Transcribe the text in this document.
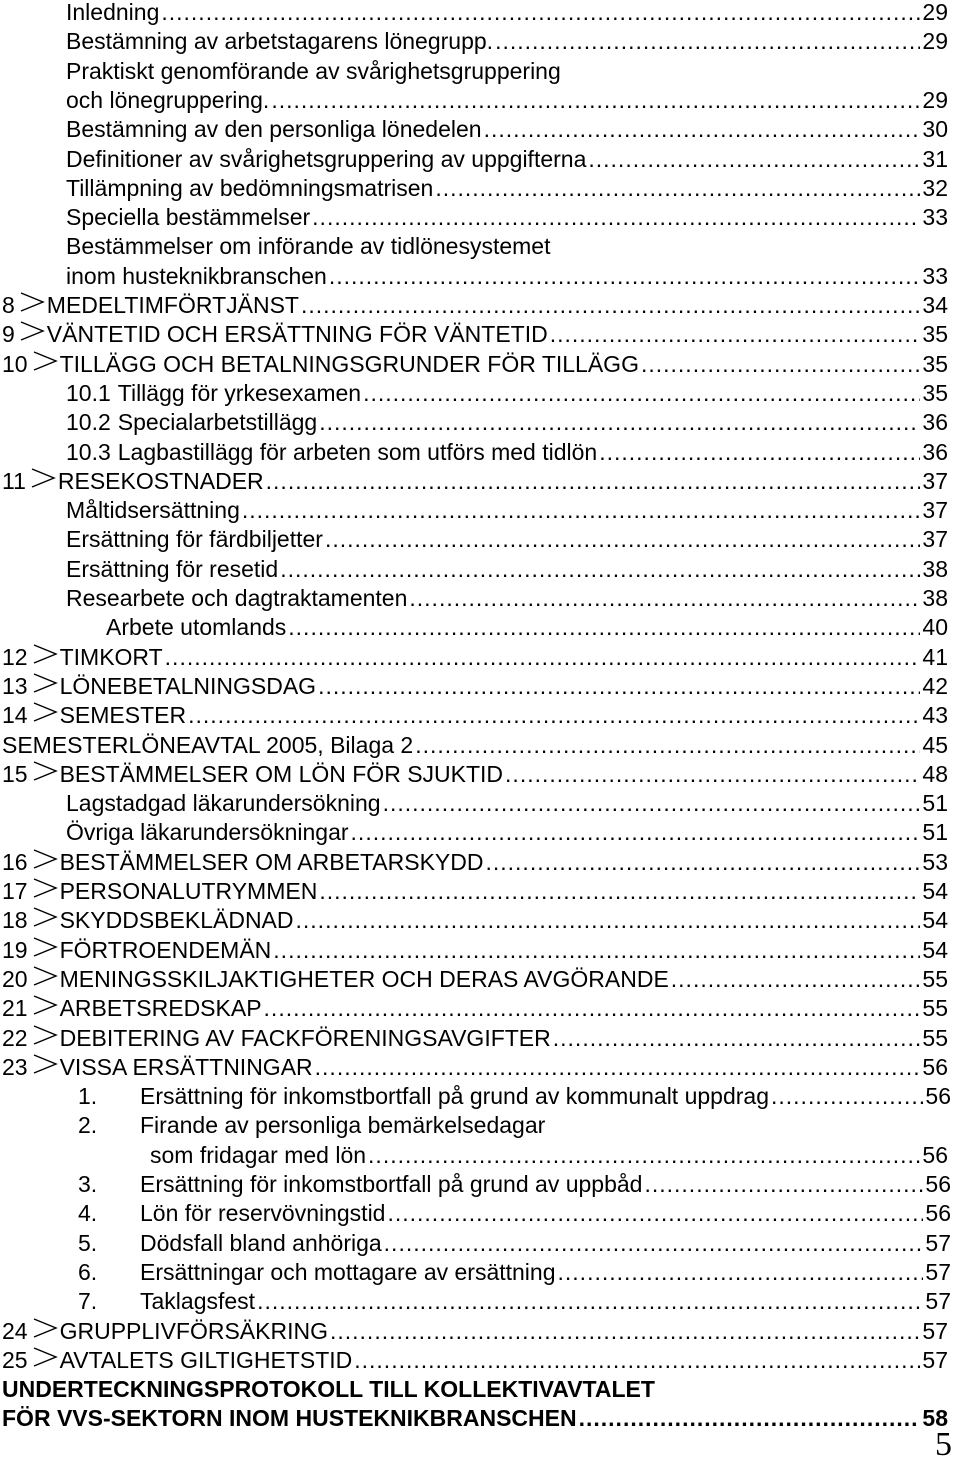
Inledning .....	29
Bestämning av arbetstagarens lönegrupp. .....	29
Praktiskt genomförande av svårighetsgruppering
och lönegruppering. .....	29
Bestämning av den personliga lönedelen .....	30
Definitioner av svårighetsgruppering av uppgifterna .....	31
Tillämpning av bedömningsmatrisen .....	32
Speciella bestämmelser .....	33
Bestämmelser om införande av tidlönesystemet
inom husteknikbranschen .....	33
8 MEDELTIMFÖRTJÄNST .....	34
9 VÄNTETID OCH ERSÄTTNING FÖR VÄNTETID .....	35
10 TILLÄGG OCH BETALNINGSGRUNDER FÖR TILLÄGG .....	35
10.1 Tillägg för yrkesexamen .....	35
10.2 Specialarbetstillägg .....	36
10.3 Lagbastillägg för arbeten som utförs med tidlön .....	36
11 RESEKOSTNADER .....	37
Måltidsersättning .....	37
Ersättning för färdbiljetter .....	37
Ersättning för resetid .....	38
Researbete och dagtraktamenten .....	38
Arbete utomlands .....	40
12 TIMKORT .....	41
13 LÖNEBETALNINGSDAG .....	42
14 SEMESTER .....	43
SEMESTERLÖNEAVTAL 2005, Bilaga 2 .....	45
15 BESTÄMMELSER OM LÖN FÖR SJUKTID .....	48
Lagstadgad läkarundersökning .....	51
Övriga läkarundersökningar .....	51
16 BESTÄMMELSER OM ARBETARSKYDD .....	53
17 PERSONALUTRYMMEN .....	54
18 SKYDDSBEKLÄDNAD .....	54
19 FÖRTROENDEMÄN .....	54
20 MENINGSSKILJAKTIGHETER OCH DERAS AVGÖRANDE .....	55
21 ARBETSREDSKAP .....	55
22 DEBITERING AV FACKFÖRENINGSAVGIFTER .....	55
23 VISSA ERSÄTTNINGAR .....	56
1.	Ersättning för inkomstbortfall på grund av kommunalt uppdrag .....	56
2.	Firande av personliga bemärkelsedagar
som fridagar med lön .....	56
3.	Ersättning för inkomstbortfall på grund av uppbåd .....	56
4.	Lön för reservövningstid .....	56
5.	Dödsfall bland anhöriga .....	57
6.	Ersättningar och mottagare av ersättning .....	57
7.	Taklagsfest .....	57
24 GRUPPLIVFÖRSÄKRING .....	57
25 AVTALETS GILTIGHETSTID .....	57
UNDERTECKNINGSPROTOKOLL TILL KOLLEKTIVAVTALET
FÖR VVS-SEKTORN INOM HUSTEKNIKBRANSCHEN .....	58
5
